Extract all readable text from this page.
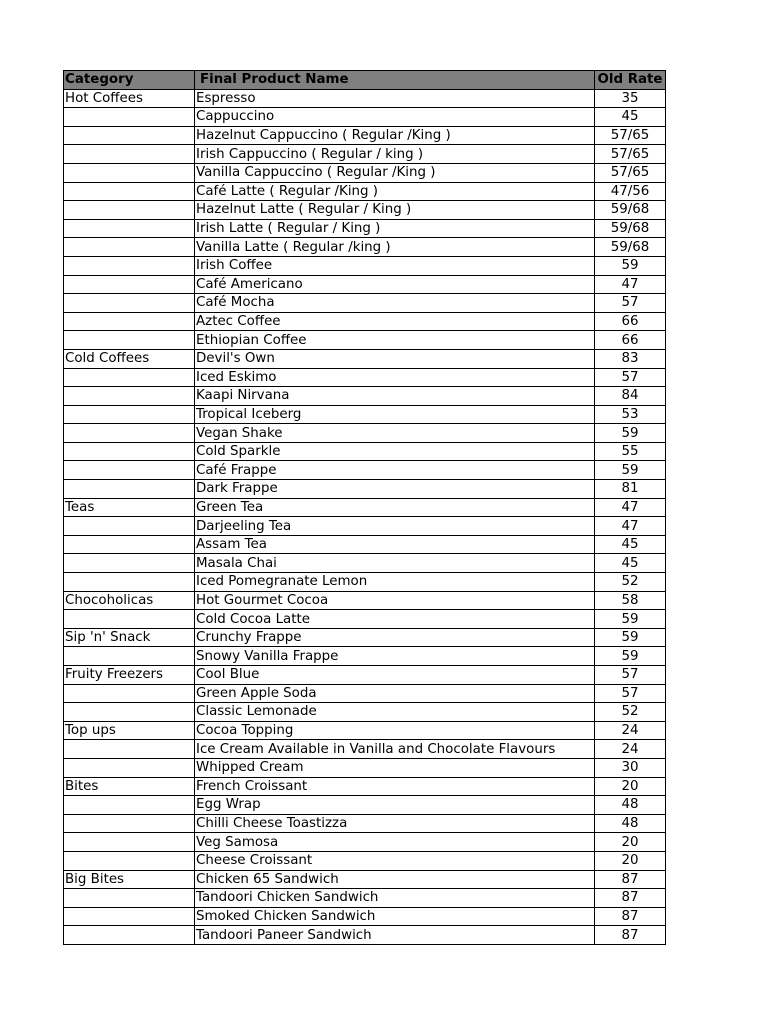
Category	Final Product Name	Old Rate
Hot Coffees	Espresso	35
	Cappuccino	45
	Hazelnut Cappuccino ( Regular /King )	57/65
	Irish Cappuccino ( Regular / king )	57/65
	Vanilla Cappuccino ( Regular /King )	57/65
	Café Latte ( Regular /King )	47/56
	Hazelnut Latte ( Regular / King )	59/68
	Irish Latte ( Regular / King )	59/68
	Vanilla Latte ( Regular /king )	59/68
	Irish Coffee	59
	Café Americano	47
	Café Mocha	57
	Aztec Coffee	66
	Ethiopian Coffee	66
Cold Coffees	Devil's Own	83
	Iced Eskimo	57
	Kaapi Nirvana	84
	Tropical Iceberg	53
	Vegan Shake	59
	Cold Sparkle	55
	Café Frappe	59
	Dark Frappe	81
Teas	Green Tea	47
	Darjeeling Tea	47
	Assam Tea	45
	Masala Chai	45
	Iced Pomegranate Lemon	52
Chocoholicas	Hot Gourmet Cocoa	58
	Cold Cocoa Latte	59
Sip 'n' Snack	Crunchy Frappe	59
	Snowy Vanilla Frappe	59
Fruity Freezers	Cool Blue	57
	Green Apple Soda	57
	Classic Lemonade	52
Top ups	Cocoa Topping	24
	Ice Cream Available in Vanilla and Chocolate Flavours	24
	Whipped Cream	30
Bites	French Croissant	20
	Egg Wrap	48
	Chilli Cheese Toastizza	48
	Veg Samosa	20
	Cheese Croissant	20
Big Bites	Chicken 65 Sandwich	87
	Tandoori Chicken Sandwich	87
	Smoked Chicken Sandwich	87
	Tandoori Paneer Sandwich	87
